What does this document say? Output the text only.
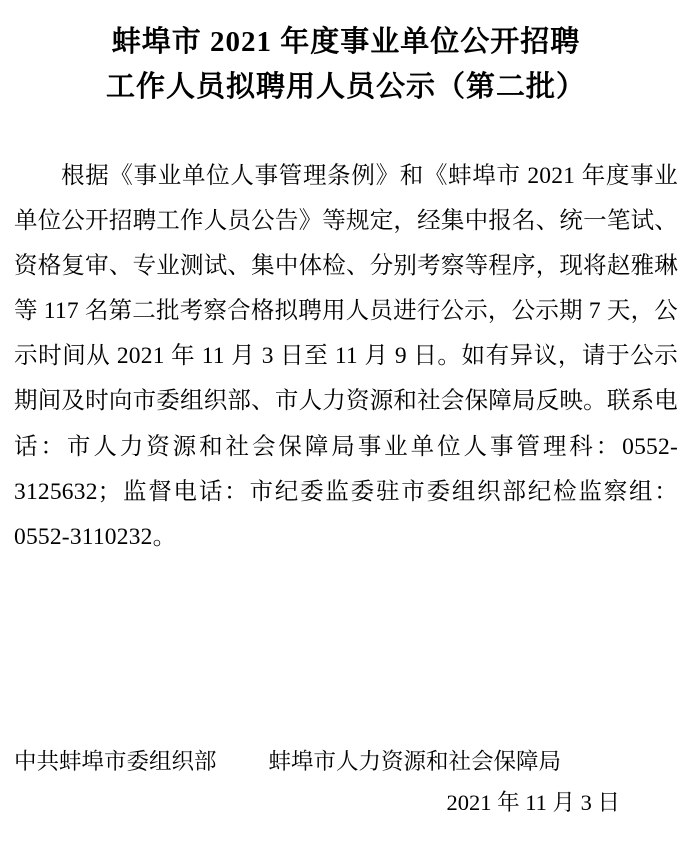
蚌埠市 2021 年度事业单位公开招聘
工作人员拟聘用人员公示（第二批）

根据《事业单位人事管理条例》和《蚌埠市 2021 年度事业单位公开招聘工作人员公告》等规定，经集中报名、统一笔试、资格复审、专业测试、集中体检、分别考察等程序，现将赵雅琳等 117 名第二批考察合格拟聘用人员进行公示，公示期 7 天，公示时间从 2021 年 11 月 3 日至 11 月 9 日。如有异议，请于公示期间及时向市委组织部、市人力资源和社会保障局反映。联系电话：市人力资源和社会保障局事业单位人事管理科：0552-3125632；监督电话：市纪委监委驻市委组织部纪检监察组：0552-3110232。

中共蚌埠市委组织部 蚌埠市人力资源和社会保障局
2021 年 11 月 3 日
